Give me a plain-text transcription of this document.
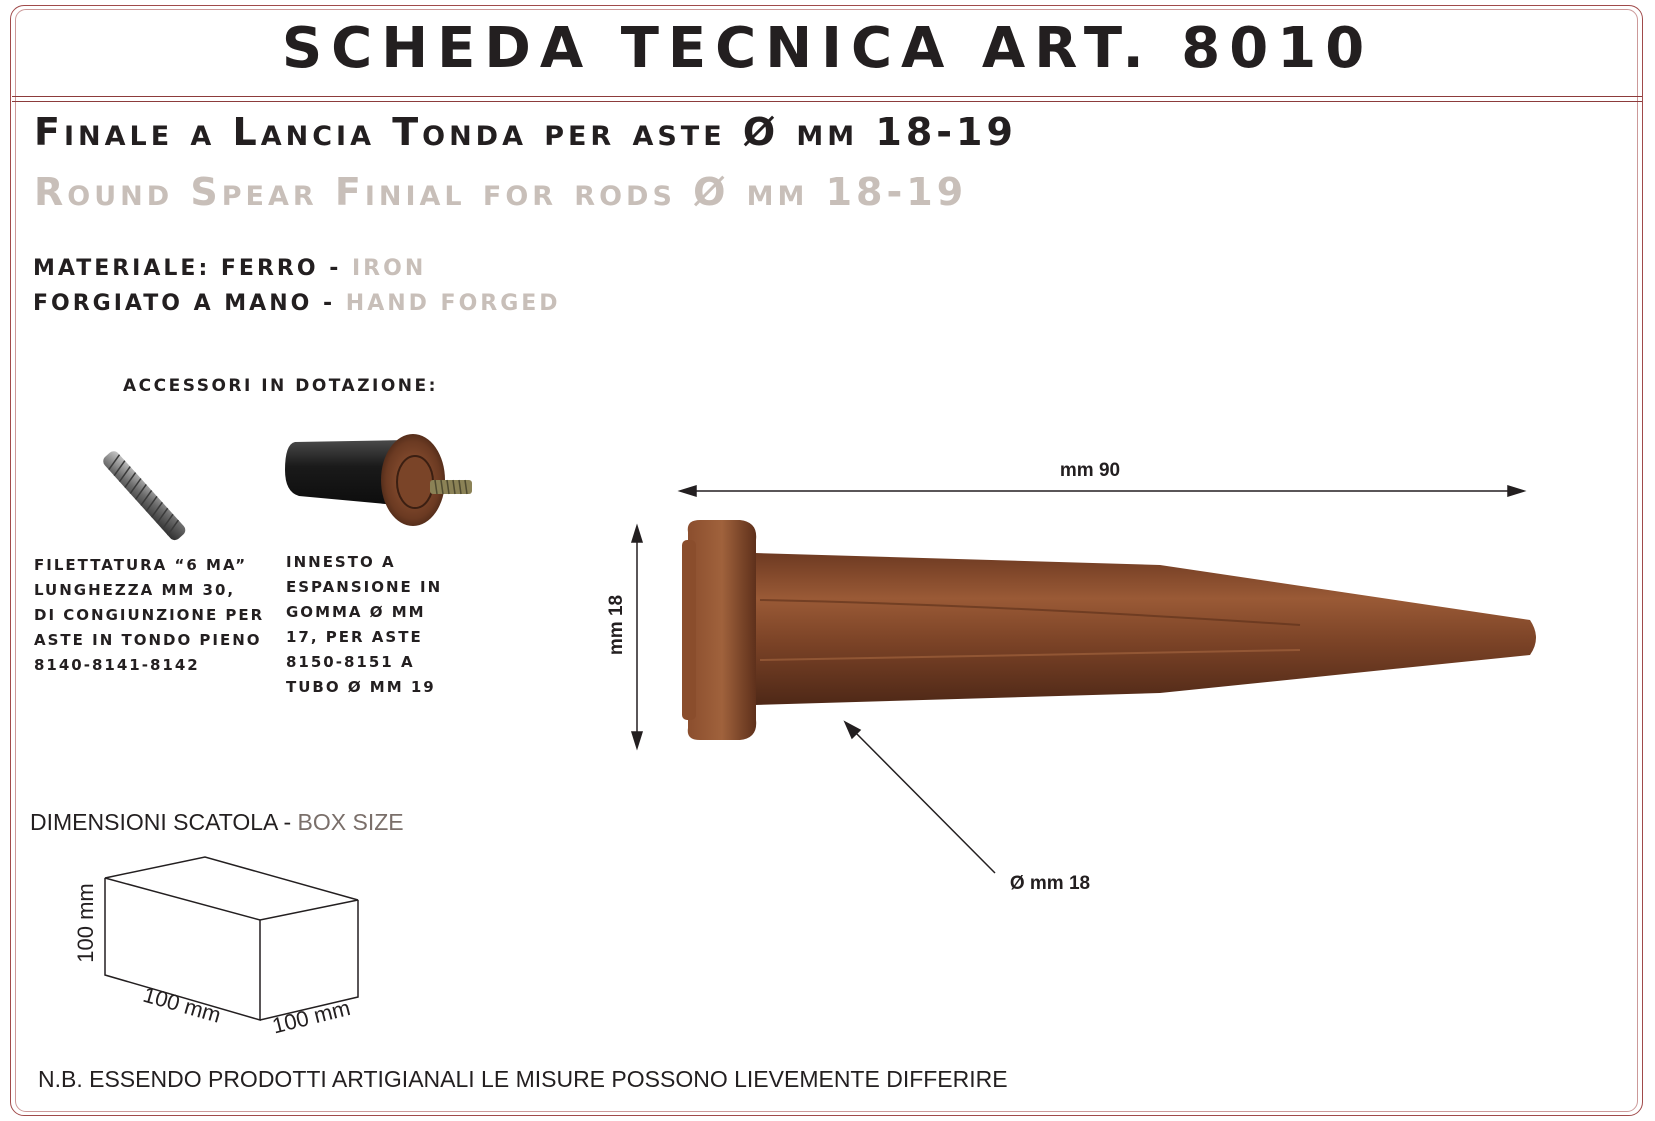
SCHEDA TECNICA ART. 8010
Finale a Lancia Tonda per aste Ø mm 18-19
Round Spear Finial for rods Ø mm 18-19
MATERIALE: FERRO - IRON
FORGIATO A MANO - HAND FORGED
ACCESSORI IN DOTAZIONE:
FILETTATURA “6 MA”
LUNGHEZZA MM 30,
DI CONGIUNZIONE PER
ASTE IN TONDO PIENO
8140-8141-8142
INNESTO A
ESPANSIONE IN
GOMMA Ø MM
17, PER ASTE
8150-8151 A
TUBO Ø MM 19
mm 90
mm 18
Ø mm 18
DIMENSIONI SCATOLA - BOX SIZE
100 mm
100 mm 100 mm
N.B. ESSENDO PRODOTTI ARTIGIANALI LE MISURE POSSONO LIEVEMENTE DIFFERIRE
